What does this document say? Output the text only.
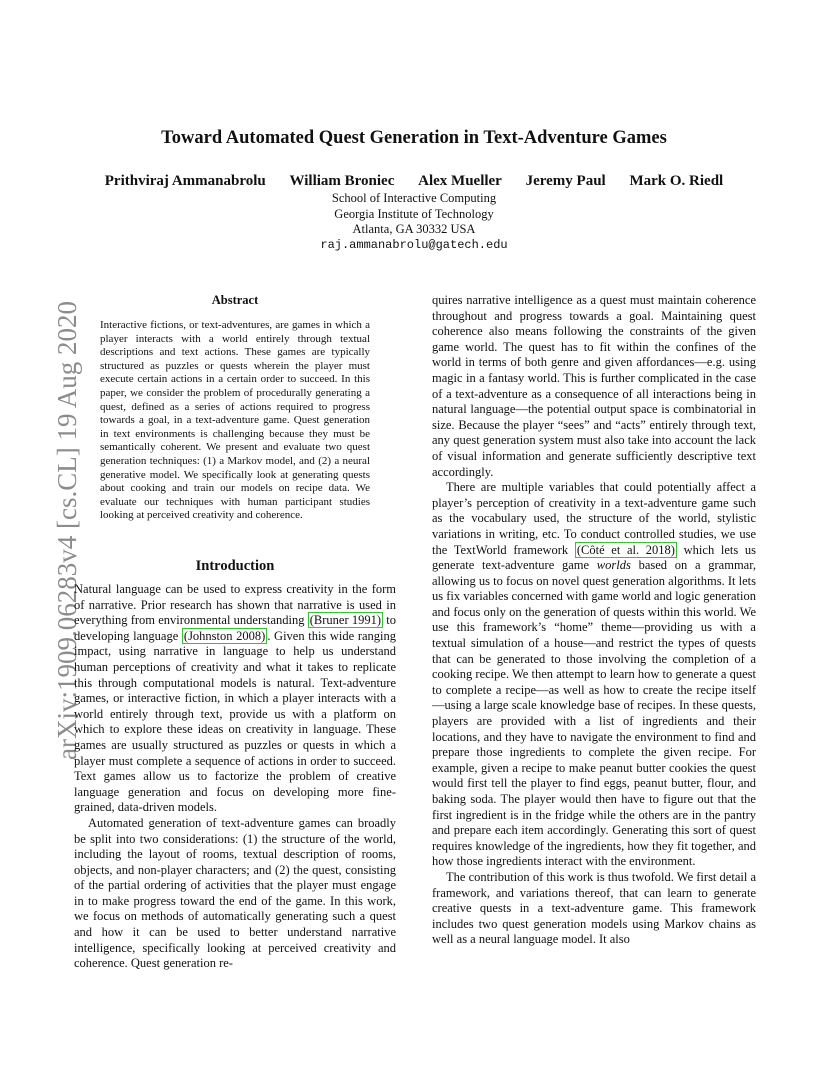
arXiv:1909.06283v4 [cs.CL] 19 Aug 2020
Toward Automated Quest Generation in Text-Adventure Games
Prithviraj Ammanabrolu William Broniec Alex Mueller Jeremy Paul Mark O. Riedl
School of Interactive Computing
Georgia Institute of Technology
Atlanta, GA 30332 USA
raj.ammanabrolu@gatech.edu
Abstract
Interactive fictions, or text-adventures, are games in which a player interacts with a world entirely through textual descriptions and text actions. These games are typically structured as puzzles or quests wherein the player must execute certain actions in a certain order to succeed. In this paper, we consider the problem of procedurally generating a quest, defined as a series of actions required to progress towards a goal, in a text-adventure game. Quest generation in text environments is challenging because they must be semantically coherent. We present and evaluate two quest generation techniques: (1) a Markov model, and (2) a neural generative model. We specifically look at generating quests about cooking and train our models on recipe data. We evaluate our techniques with human participant studies looking at perceived creativity and coherence.
Introduction

Natural language can be used to express creativity in the form of narrative. Prior research has shown that narrative is used in everything from environmental understanding (Bruner 1991) to developing language (Johnston 2008) . Given this wide ranging impact, using narrative in language to help us understand human perceptions of creativity and what it takes to replicate this through computational models is natural. Text-adventure games, or interactive fiction, in which a player interacts with a world entirely through text, provide us with a platform on which to explore these ideas on creativity in language. These games are usually structured as puzzles or quests in which a player must complete a sequence of actions in order to succeed. Text games allow us to factorize the problem of creative language generation and focus on developing more fine-grained, data-driven models.

Automated generation of text-adventure games can broadly be split into two considerations: (1) the structure of the world, including the layout of rooms, textual description of rooms, objects, and non-player characters; and (2) the quest, consisting of the partial ordering of activities that the player must engage in to make progress toward the end of the game. In this work, we focus on methods of automatically generating such a quest and how it can be used to better understand narrative intelligence, specifically looking at perceived creativity and coherence. Quest generation re-

quires narrative intelligence as a quest must maintain coherence throughout and progress towards a goal. Maintaining quest coherence also means following the constraints of the given game world. The quest has to fit within the confines of the world in terms of both genre and given affordances—e.g. using magic in a fantasy world. This is further complicated in the case of a text-adventure as a consequence of all interactions being in natural language—the potential output space is combinatorial in size. Because the player “sees” and “acts” entirely through text, any quest generation system must also take into account the lack of visual information and generate sufficiently descriptive text accordingly.

There are multiple variables that could potentially affect a player’s perception of creativity in a text-adventure game such as the vocabulary used, the structure of the world, stylistic variations in writing, etc. To conduct controlled studies, we use the TextWorld framework (Côté et al. 2018) which lets us generate text-adventure game worlds based on a grammar, allowing us to focus on novel quest generation algorithms. It lets us fix variables concerned with game world and logic generation and focus only on the generation of quests within this world. We use this framework’s “home” theme—providing us with a textual simulation of a house—and restrict the types of quests that can be generated to those involving the completion of a cooking recipe. We then attempt to learn how to generate a quest to complete a recipe—as well as how to create the recipe itself—using a large scale knowledge base of recipes. In these quests, players are provided with a list of ingredients and their locations, and they have to navigate the environment to find and prepare those ingredients to complete the given recipe. For example, given a recipe to make peanut butter cookies the quest would first tell the player to find eggs, peanut butter, flour, and baking soda. The player would then have to figure out that the first ingredient is in the fridge while the others are in the pantry and prepare each item accordingly. Generating this sort of quest requires knowledge of the ingredients, how they fit together, and how those ingredients interact with the environment.

The contribution of this work is thus twofold. We first detail a framework, and variations thereof, that can learn to generate creative quests in a text-adventure game. This framework includes two quest generation models using Markov chains as well as a neural language model. It also
